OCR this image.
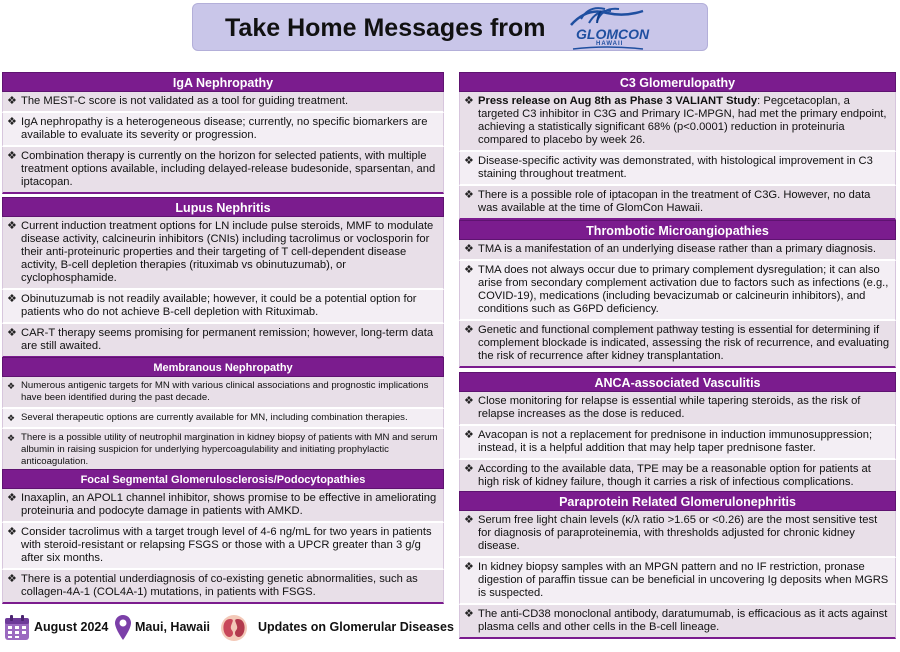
Take Home Messages from GLOMCON
HAWAII
IgA Nephropathy
❖ The MEST-C score is not validated as a tool for guiding treatment.
❖ IgA nephropathy is a heterogeneous disease; currently, no specific biomarkers are available to evaluate its severity or progression.
❖ Combination therapy is currently on the horizon for selected patients, with multiple treatment options available, including delayed-release budesonide, sparsentan, and iptacopan.
Lupus Nephritis
❖ Current induction treatment options for LN include pulse steroids, MMF to modulate disease activity, calcineurin inhibitors (CNIs) including tacrolimus or voclosporin for their anti-proteinuric properties and their targeting of T cell-dependent disease activity, B-cell depletion therapies (rituximab vs obinutuzumab), or cyclophosphamide.
❖ Obinutuzumab is not readily available; however, it could be a potential option for patients who do not achieve B-cell depletion with Rituximab.
❖ CAR-T therapy seems promising for permanent remission; however, long-term data are still awaited.
Membranous Nephropathy
❖ Numerous antigenic targets for MN with various clinical associations and prognostic implications have been identified during the past decade.
❖ Several therapeutic options are currently available for MN, including combination therapies.
❖ There is a possible utility of neutrophil margination in kidney biopsy of patients with MN and serum albumin in raising suspicion for underlying hypercoagulability and initiating prophylactic anticoagulation.
Focal Segmental Glomerulosclerosis/Podocytopathies
❖ Inaxaplin, an APOL1 channel inhibitor, shows promise to be effective in ameliorating proteinuria and podocyte damage in patients with AMKD.
❖ Consider tacrolimus with a target trough level of 4-6 ng/mL for two years in patients with steroid-resistant or relapsing FSGS or those with a UPCR greater than 3 g/g after six months.
❖ There is a potential underdiagnosis of co-existing genetic abnormalities, such as collagen-4A-1 (COL4A-1) mutations, in patients with FSGS.
C3 Glomerulopathy
❖ Press release on Aug 8th as Phase 3 VALIANT Study: Pegcetacoplan, a targeted C3 inhibitor in C3G and Primary IC-MPGN, had met the primary endpoint, achieving a statistically significant 68% (p<0.0001) reduction in proteinuria compared to placebo by week 26.
❖ Disease-specific activity was demonstrated, with histological improvement in C3 staining throughout treatment.
❖ There is a possible role of iptacopan in the treatment of C3G. However, no data was available at the time of GlomCon Hawaii.
Thrombotic Microangiopathies
❖ TMA is a manifestation of an underlying disease rather than a primary diagnosis.
❖ TMA does not always occur due to primary complement dysregulation; it can also arise from secondary complement activation due to factors such as infections (e.g., COVID-19), medications (including bevacizumab or calcineurin inhibitors), and conditions such as G6PD deficiency.
❖ Genetic and functional complement pathway testing is essential for determining if complement blockade is indicated, assessing the risk of recurrence, and evaluating the risk of recurrence after kidney transplantation.
ANCA-associated Vasculitis
❖ Close monitoring for relapse is essential while tapering steroids, as the risk of relapse increases as the dose is reduced.
❖ Avacopan is not a replacement for prednisone in induction immunosuppression; instead, it is a helpful addition that may help taper prednisone faster.
❖ According to the available data, TPE may be a reasonable option for patients at high risk of kidney failure, though it carries a risk of infectious complications.
Paraprotein Related Glomerulonephritis
❖ Serum free light chain levels (κ/λ ratio >1.65 or <0.26) are the most sensitive test for diagnosis of paraproteinemia, with thresholds adjusted for chronic kidney disease.
❖ In kidney biopsy samples with an MPGN pattern and no IF restriction, pronase digestion of paraffin tissue can be beneficial in uncovering Ig deposits when MGRS is suspected.
❖ The anti-CD38 monoclonal antibody, daratumumab, is efficacious as it acts against plasma cells and other cells in the B-cell lineage.
August 2024 Maui, Hawaii	Updates on Glomerular Diseases
